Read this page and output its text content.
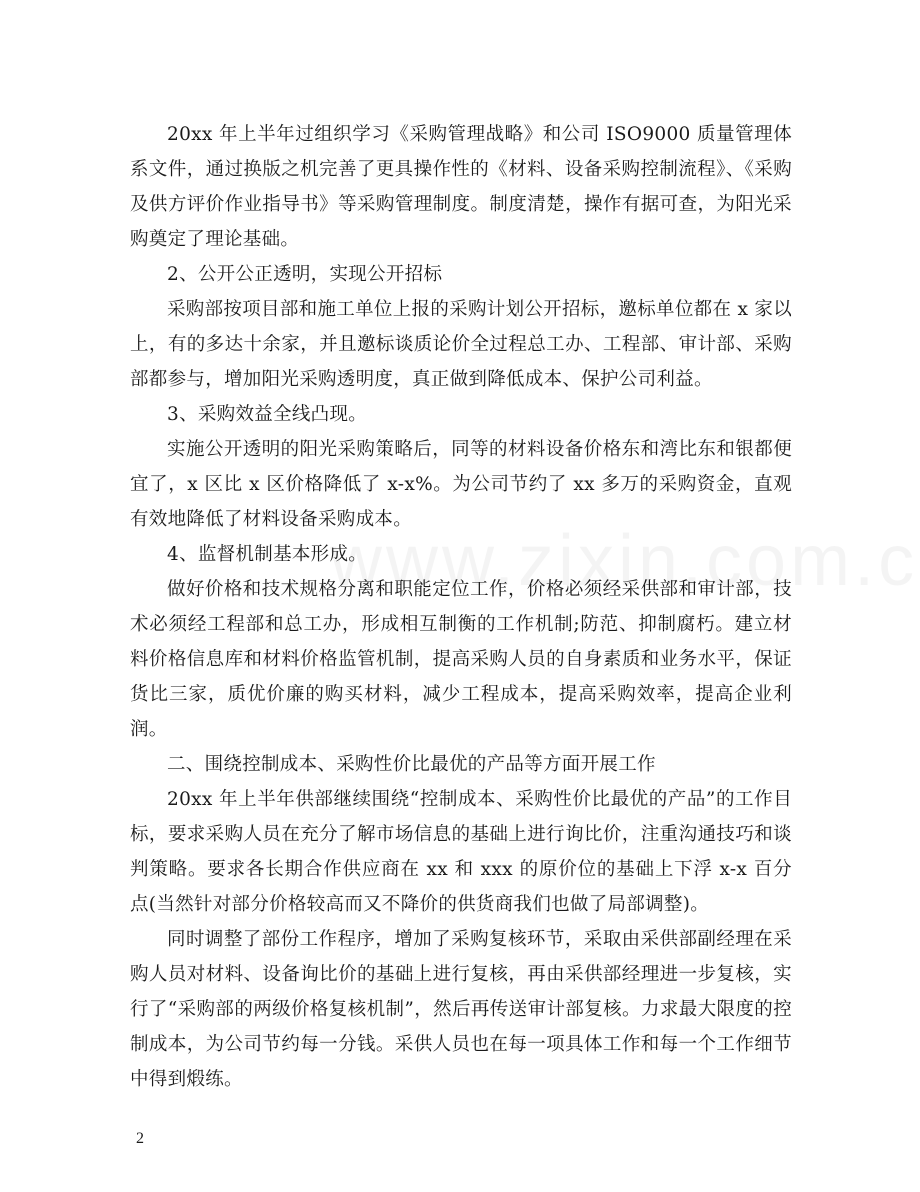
20xx 年上半年过组织学习《采购管理战略》和公司 ISO9000 质量管理体系文件，通过换版之机完善了更具操作性的《材料、设备采购控制流程》、《采购及供方评价作业指导书》等采购管理制度。制度清楚，操作有据可查，为阳光采购奠定了理论基础。

2、公开公正透明，实现公开招标

采购部按项目部和施工单位上报的采购计划公开招标，邀标单位都在 x 家以上，有的多达十余家，并且邀标谈质论价全过程总工办、工程部、审计部、采购部都参与，增加阳光采购透明度，真正做到降低成本、保护公司利益。

3、采购效益全线凸现。

实施公开透明的阳光采购策略后，同等的材料设备价格东和湾比东和银都便宜了，x 区比 x 区价格降低了 x-x%。为公司节约了 xx 多万的采购资金，直观有效地降低了材料设备采购成本。

4、监督机制基本形成。

做好价格和技术规格分离和职能定位工作，价格必须经采供部和审计部，技术必须经工程部和总工办，形成相互制衡的工作机制;防范、抑制腐朽。建立材料价格信息库和材料价格监管机制，提高采购人员的自身素质和业务水平，保证货比三家，质优价廉的购买材料，减少工程成本，提高采购效率，提高企业利润。

二、围绕控制成本、采购性价比最优的产品等方面开展工作

20xx 年上半年供部继续围绕“控制成本、采购性价比最优的产品”的工作目标，要求采购人员在充分了解市场信息的基础上进行询比价，注重沟通技巧和谈判策略。要求各长期合作供应商在 xx 和 xxx 的原价位的基础上下浮 x-x 百分点(当然针对部分价格较高而又不降价的供货商我们也做了局部调整)。

同时调整了部份工作程序，增加了采购复核环节，采取由采供部副经理在采购人员对材料、设备询比价的基础上进行复核，再由采供部经理进一步复核，实行了“采购部的两级价格复核机制”，然后再传送审计部复核。力求最大限度的控制成本，为公司节约每一分钱。采供人员也在每一项具体工作和每一个工作细节中得到煅练。

2
